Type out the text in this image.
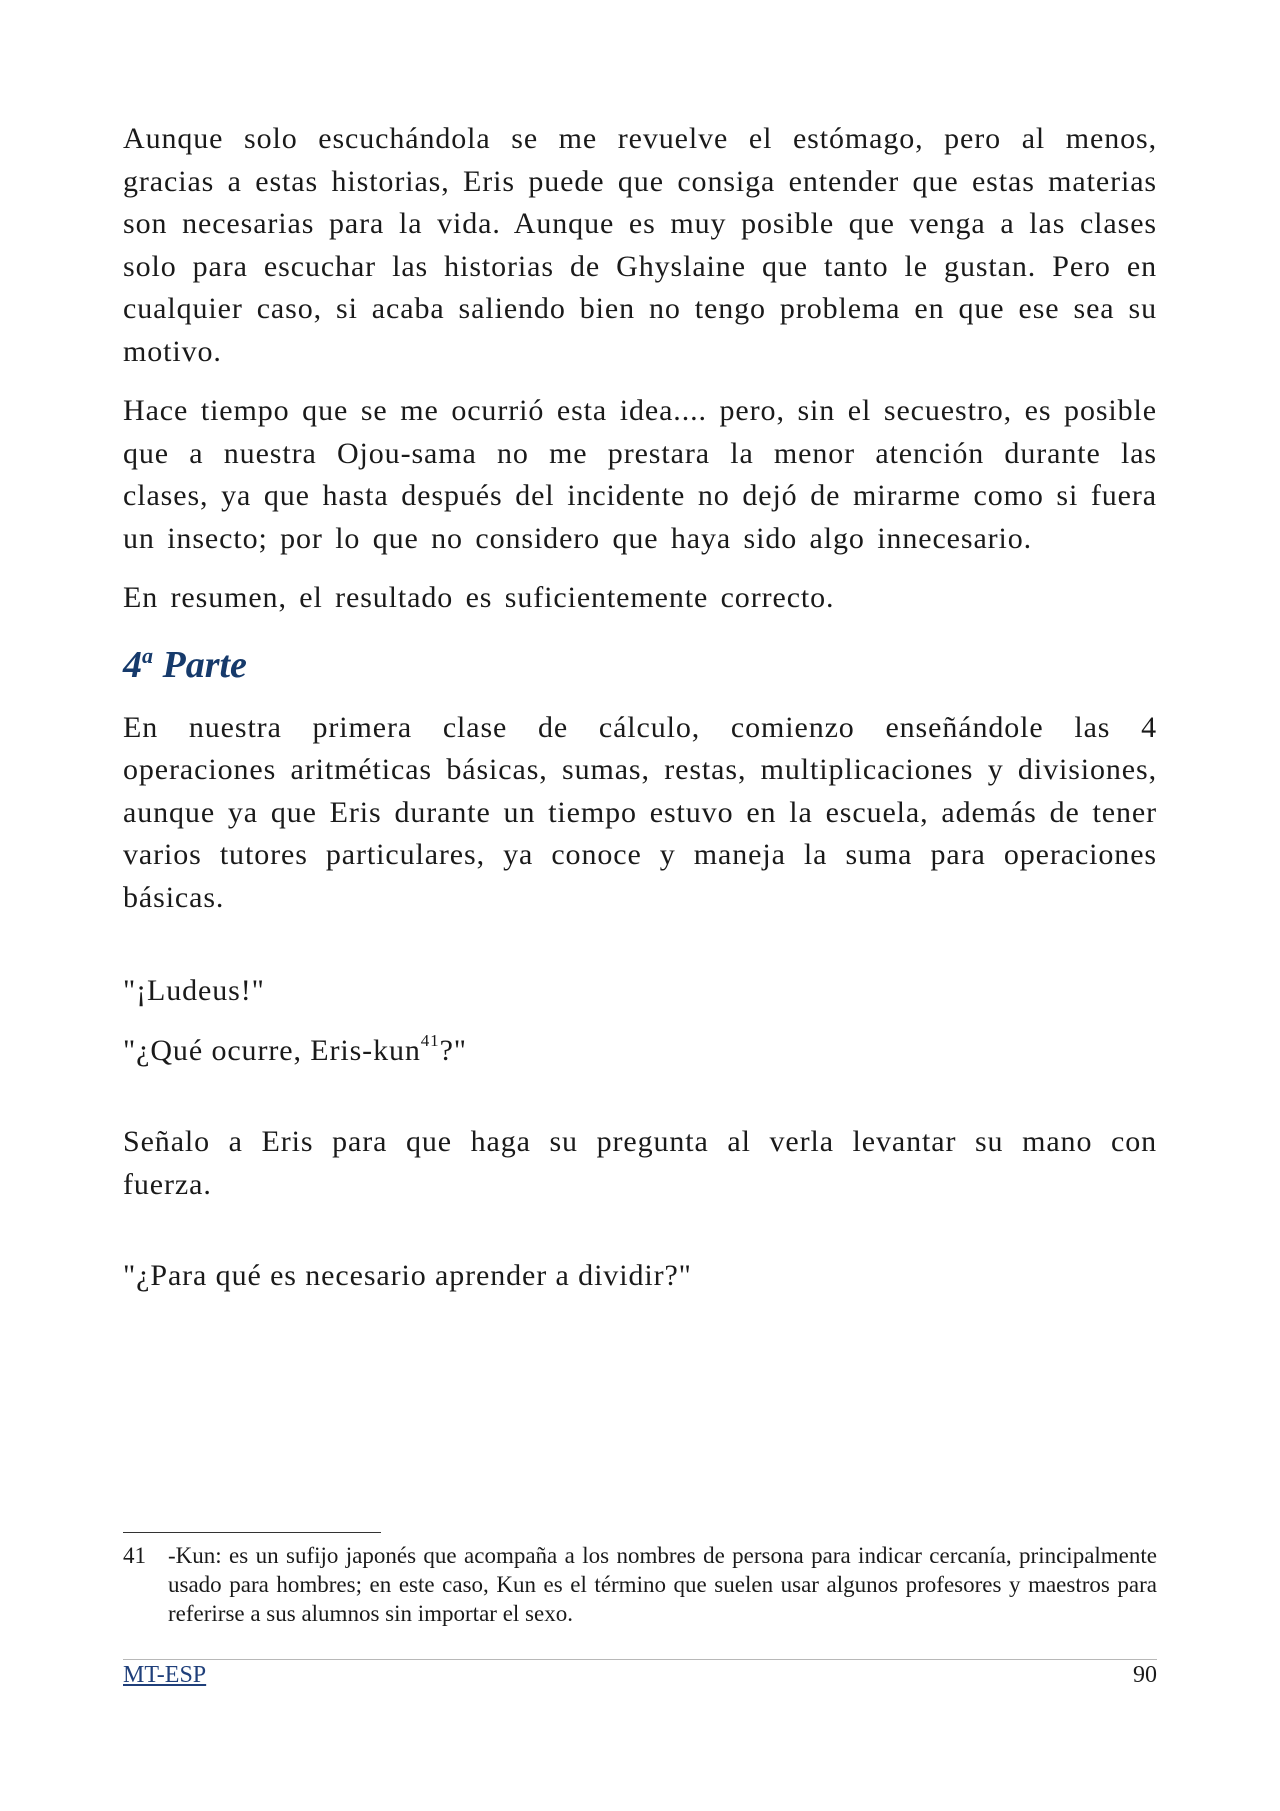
Aunque solo escuchándola se me revuelve el estómago, pero al menos, gracias a estas historias, Eris puede que consiga entender que estas materias son necesarias para la vida. Aunque es muy posible que venga a las clases solo para escuchar las historias de Ghyslaine que tanto le gustan. Pero en cualquier caso, si acaba saliendo bien no tengo problema en que ese sea su motivo.

Hace tiempo que se me ocurrió esta idea.... pero, sin el secuestro, es posible que a nuestra Ojou-sama no me prestara la menor atención durante las clases, ya que hasta después del incidente no dejó de mirarme como si fuera un insecto; por lo que no considero que haya sido algo innecesario.

En resumen, el resultado es suficientemente correcto.

4$^a$ Parte

En nuestra primera clase de cálculo, comienzo enseñándole las 4 operaciones aritméticas básicas, sumas, restas, multiplicaciones y divisiones, aunque ya que Eris durante un tiempo estuvo en la escuela, además de tener varios tutores particulares, ya conoce y maneja la suma para operaciones básicas.

"¡Ludeus!"

"¿Qué ocurre, Eris-kun$^{41}$?"

Señalo a Eris para que haga su pregunta al verla levantar su mano con fuerza.

"¿Para qué es necesario aprender a dividir?"

41 -Kun: es un sufijo japonés que acompaña a los nombres de persona para indicar cercanía, principalmente usado para hombres; en este caso, Kun es el término que suelen usar algunos profesores y maestros para referirse a sus alumnos sin importar el sexo.
MT-ESP	90
